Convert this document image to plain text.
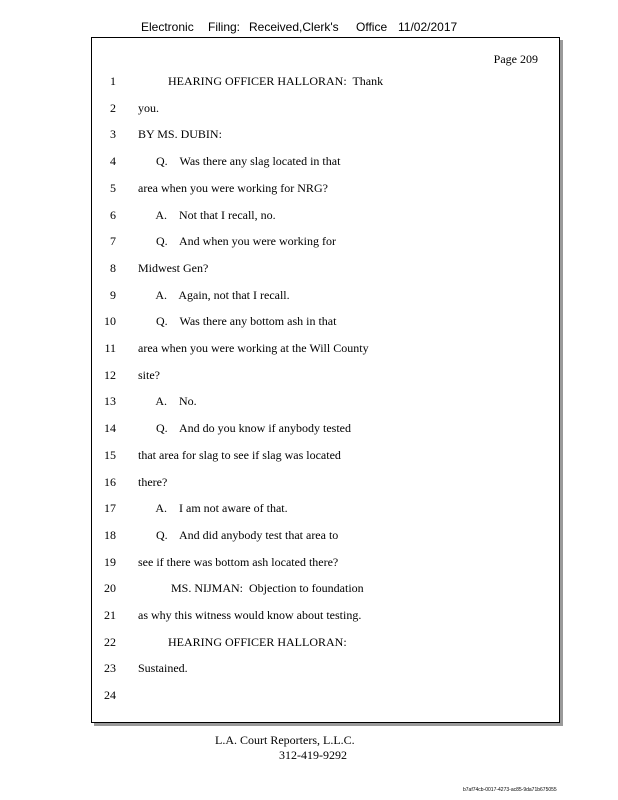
Electronic

Filing:

Received,Clerk's

Office

11/02/2017

Page 209
1 HEARING OFFICER HALLORAN:  Thank
2 you.
3 BY MS. DUBIN:
4 Q.    Was there any slag located in that
5 area when you were working for NRG?
6 A.    Not that I recall, no.
7 Q.    And when you were working for
8 Midwest Gen?
9 A.    Again, not that I recall.
10 Q.    Was there any bottom ash in that
11 area when you were working at the Will County
12 site?
13 A.    No.
14 Q.    And do you know if anybody tested
15 that area for slag to see if slag was located
16 there?
17 A.    I am not aware of that.
18 Q.    And did anybody test that area to
19 see if there was bottom ash located there?
20 MS. NIJMAN:  Objection to foundation
21 as why this witness would know about testing.
22 HEARING OFFICER HALLORAN:
23 Sustained.
24
L.A. Court Reporters, L.L.C.
312-419-9292
b7af74cb-0017-4273-ac85-9da71b675055
